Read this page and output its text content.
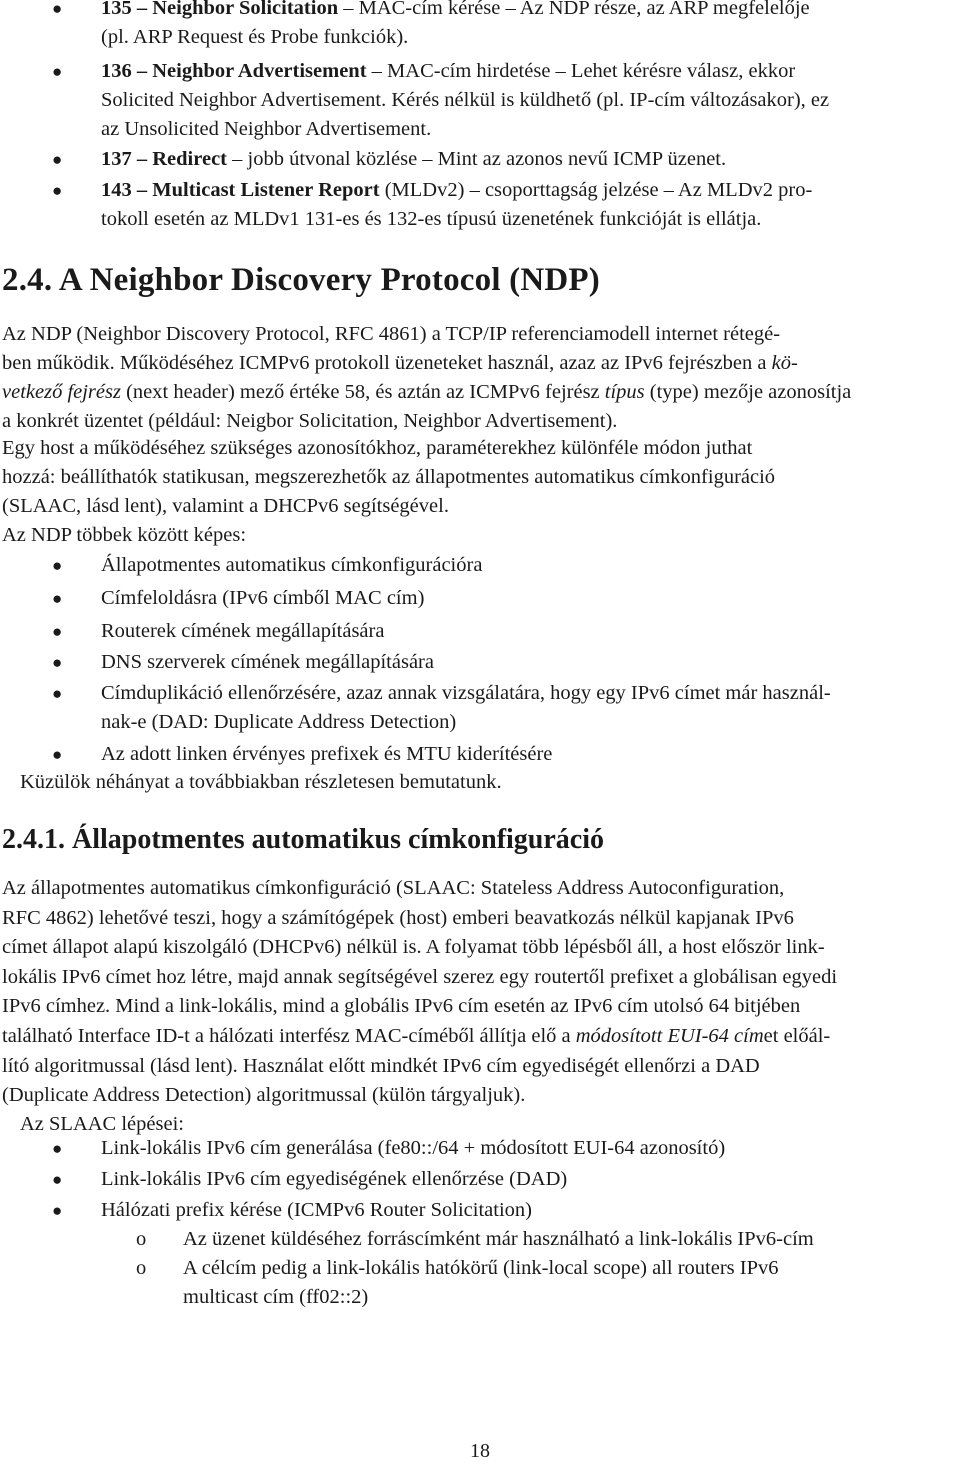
● 135 – Neighbor Solicitation – MAC-cím kérése – Az NDP része, az ARP megfelelője
(pl. ARP Request és Probe funkciók).
● 136 – Neighbor Advertisement – MAC-cím hirdetése – Lehet kérésre válasz, ekkor
Solicited Neighbor Advertisement. Kérés nélkül is küldhető (pl. IP-cím változásakor), ez
az Unsolicited Neighbor Advertisement.
● 137 – Redirect – jobb útvonal közlése – Mint az azonos nevű ICMP üzenet.
● 143 – Multicast Listener Report (MLDv2) – csoporttagság jelzése – Az MLDv2 pro-
tokoll esetén az MLDv1 131-es és 132-es típusú üzenetének funkcióját is ellátja.
2.4. A Neighbor Discovery Protocol (NDP)
Az NDP (Neighbor Discovery Protocol, RFC 4861) a TCP/IP referenciamodell internet rétegé-
ben működik. Működéséhez ICMPv6 protokoll üzeneteket használ, azaz az IPv6 fejrészben a kö-
vetkező fejrész (next header) mező értéke 58, és aztán az ICMPv6 fejrész típus (type) mezője azonosítja
a konkrét üzentet (például: Neigbor Solicitation, Neighbor Advertisement).
Egy host a működéséhez szükséges azonosítókhoz, paraméterekhez különféle módon juthat
hozzá: beállíthatók statikusan, megszerezhetők az állapotmentes automatikus címkonfiguráció
(SLAAC, lásd lent), valamint a DHCPv6 segítségével.
Az NDP többek között képes:
● Állapotmentes automatikus címkonfigurációra
● Címfeloldásra (IPv6 címből MAC cím)
● Routerek címének megállapítására
● DNS szerverek címének megállapítására
● Címduplikáció ellenőrzésére, azaz annak vizsgálatára, hogy egy IPv6 címet már használ-
nak-e (DAD: Duplicate Address Detection)
● Az adott linken érvényes prefixek és MTU kiderítésére
Küzülök néhányat a továbbiakban részletesen bemutatunk.
2.4.1. Állapotmentes automatikus címkonfiguráció
Az állapotmentes automatikus címkonfiguráció (SLAAC: Stateless Address Autoconfiguration,
RFC 4862) lehetővé teszi, hogy a számítógépek (host) emberi beavatkozás nélkül kapjanak IPv6
címet állapot alapú kiszolgáló (DHCPv6) nélkül is. A folyamat több lépésből áll, a host először link-
lokális IPv6 címet hoz létre, majd annak segítségével szerez egy routertől prefixet a globálisan egyedi
IPv6 címhez. Mind a link-lokális, mind a globális IPv6 cím esetén az IPv6 cím utolsó 64 bitjében
található Interface ID-t a hálózati interfész MAC-címéből állítja elő a módosított EUI-64 címet előál-
lító algoritmussal (lásd lent). Használat előtt mindkét IPv6 cím egyediségét ellenőrzi a DAD
(Duplicate Address Detection) algoritmussal (külön tárgyaljuk).
Az SLAAC lépései:
● Link-lokális IPv6 cím generálása (fe80::/64 + módosított EUI-64 azonosító)
● Link-lokális IPv6 cím egyediségének ellenőrzése (DAD)
● Hálózati prefix kérése (ICMPv6 Router Solicitation)
o Az üzenet küldéséhez forráscímként már használható a link-lokális IPv6-cím
o A célcím pedig a link-lokális hatókörű (link-local scope) all routers IPv6
multicast cím (ff02::2)
18
